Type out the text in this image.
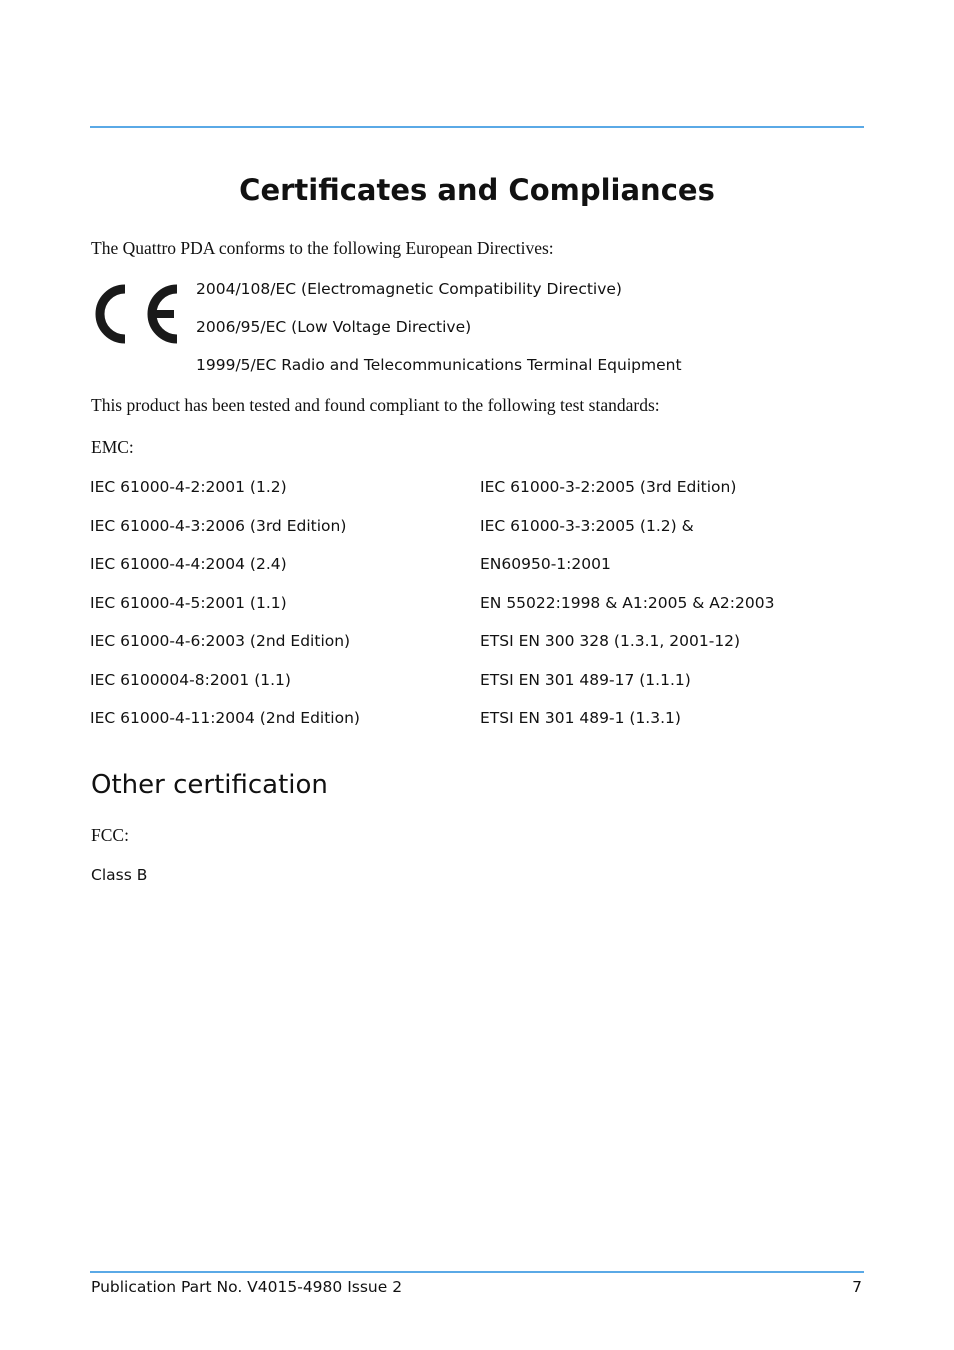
Certificates and Compliances
The Quattro PDA conforms to the following European Directives:
2004/108/EC (Electromagnetic Compatibility Directive)
2006/95/EC (Low Voltage Directive)
1999/5/EC Radio and Telecommunications Terminal Equipment
This product has been tested and found compliant to the following test standards:
EMC:
IEC 61000-4-2:2001 (1.2)
IEC 61000-4-3:2006 (3rd Edition)
IEC 61000-4-4:2004 (2.4)
IEC 61000-4-5:2001 (1.1)
IEC 61000-4-6:2003 (2nd Edition)
IEC 6100004-8:2001 (1.1)
IEC 61000-4-11:2004 (2nd Edition)
IEC 61000-3-2:2005 (3rd Edition)
IEC 61000-3-3:2005 (1.2) &
EN60950-1:2001
EN 55022:1998 & A1:2005 & A2:2003
ETSI EN 300 328 (1.3.1, 2001-12)
ETSI EN 301 489-17 (1.1.1)
ETSI EN 301 489-1 (1.3.1)
Other certification
FCC:
Class B
Publication Part No. V4015-4980 Issue 2	7
